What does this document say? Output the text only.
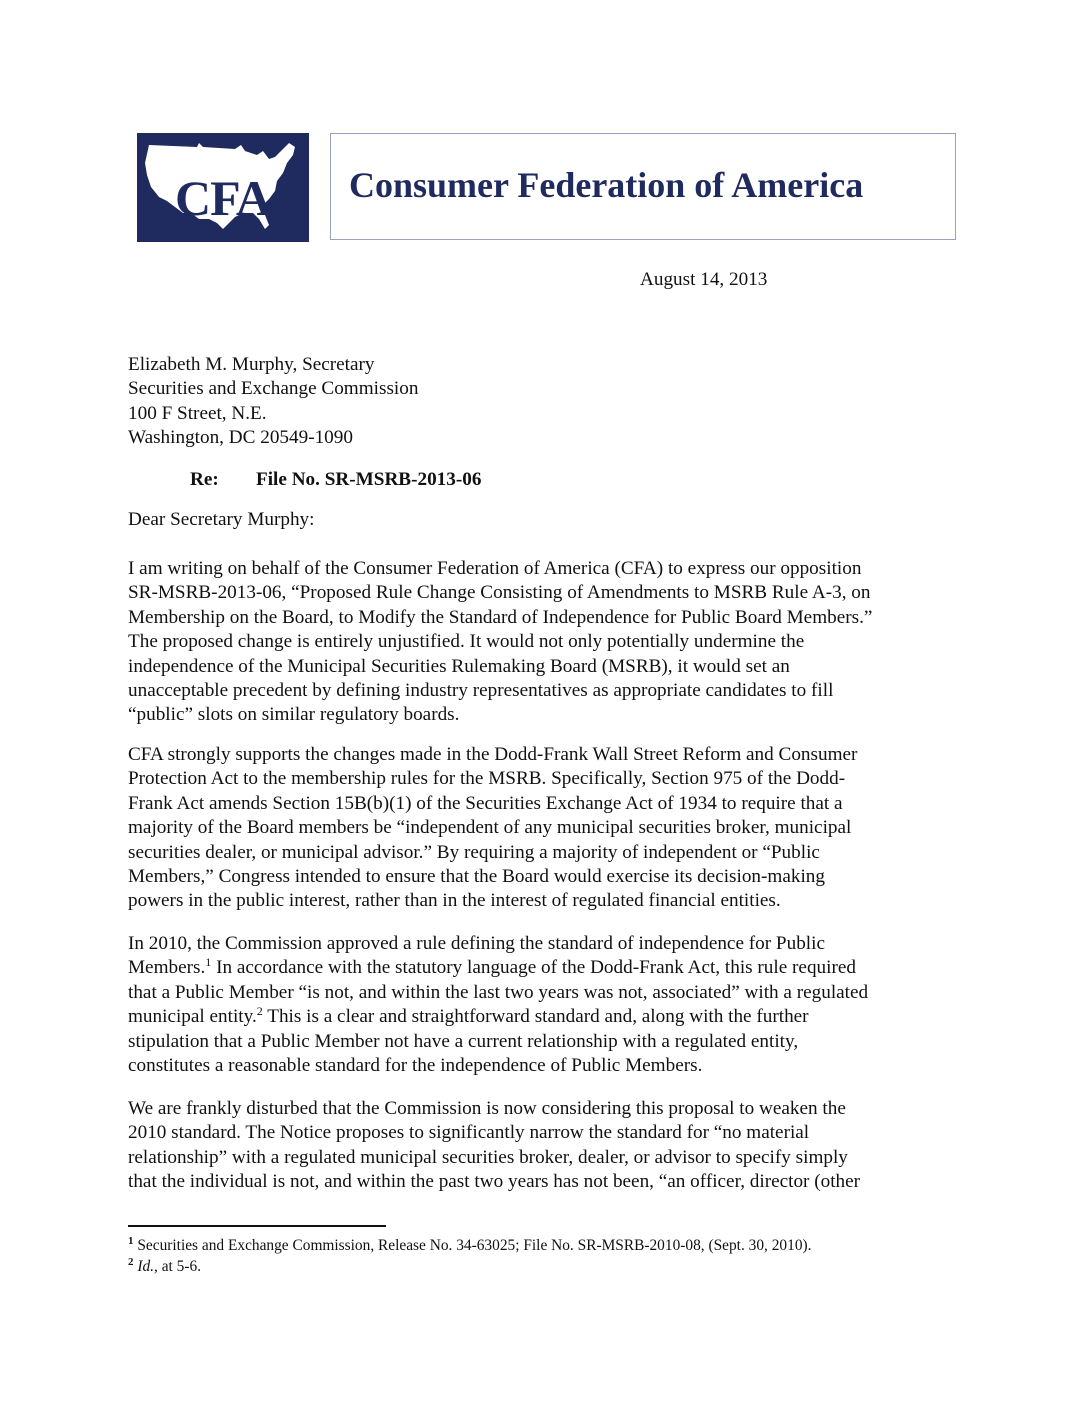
CFA	Consumer Federation of America
August 14, 2013
Elizabeth M. Murphy, Secretary
Securities and Exchange Commission
100 F Street, N.E.
Washington, DC 20549-1090
Re: File No. SR-MSRB-2013-06
Dear Secretary Murphy:
I am writing on behalf of the Consumer Federation of America (CFA) to express our opposition
SR-MSRB-2013-06, “Proposed Rule Change Consisting of Amendments to MSRB Rule A-3, on
Membership on the Board, to Modify the Standard of Independence for Public Board Members.”
The proposed change is entirely unjustified. It would not only potentially undermine the
independence of the Municipal Securities Rulemaking Board (MSRB), it would set an
unacceptable precedent by defining industry representatives as appropriate candidates to fill
“public” slots on similar regulatory boards.
CFA strongly supports the changes made in the Dodd-Frank Wall Street Reform and Consumer
Protection Act to the membership rules for the MSRB. Specifically, Section 975 of the Dodd-
Frank Act amends Section 15B(b)(1) of the Securities Exchange Act of 1934 to require that a
majority of the Board members be “independent of any municipal securities broker, municipal
securities dealer, or municipal advisor.” By requiring a majority of independent or “Public
Members,” Congress intended to ensure that the Board would exercise its decision-making
powers in the public interest, rather than in the interest of regulated financial entities.
In 2010, the Commission approved a rule defining the standard of independence for Public
Members.$^1$ In accordance with the statutory language of the Dodd-Frank Act, this rule required
that a Public Member “is not, and within the last two years was not, associated” with a regulated
municipal entity.$^2$ This is a clear and straightforward standard and, along with the further
stipulation that a Public Member not have a current relationship with a regulated entity,
constitutes a reasonable standard for the independence of Public Members.
We are frankly disturbed that the Commission is now considering this proposal to weaken the
2010 standard. The Notice proposes to significantly narrow the standard for “no material
relationship” with a regulated municipal securities broker, dealer, or advisor to specify simply
that the individual is not, and within the past two years has not been, “an officer, director (other
$^1$ Securities and Exchange Commission, Release No. 34-63025; File No. SR-MSRB-2010-08, (Sept. 30, 2010).
$^2$ Id., at 5-6.
